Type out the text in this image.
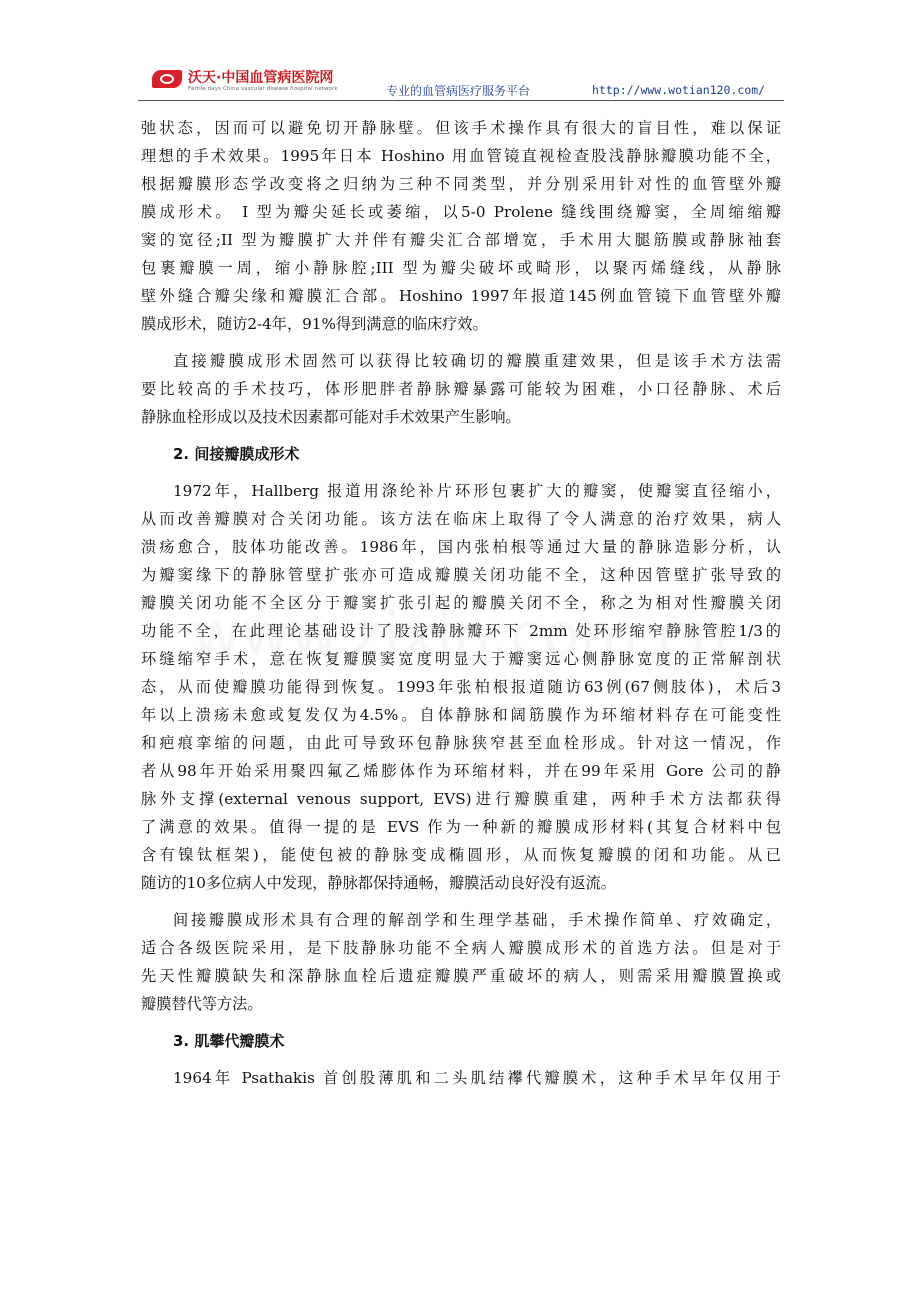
沃天·中国血管病医院网
Fertile days China vascular disease hospital network	专业的血管病医疗服务平台	http://www.wotian120.com/
弛状态，因而可以避免切开静脉壁。但该手术操作具有很大的盲目性，难以保证
理想的手术效果。1995年日本 Hoshino 用血管镜直视检查股浅静脉瓣膜功能不全，
根据瓣膜形态学改变将之归纳为三种不同类型，并分别采用针对性的血管壁外瓣
膜成形术。 I 型为瓣尖延长或萎缩，以5-0 Prolene 缝线围绕瓣窦，全周缩缩瓣
窦的宽径;II 型为瓣膜扩大并伴有瓣尖汇合部增宽，手术用大腿筋膜或静脉袖套
包裹瓣膜一周，缩小静脉腔;III 型为瓣尖破坏或畸形，以聚丙烯缝线，从静脉
壁外缝合瓣尖缘和瓣膜汇合部。Hoshino 1997年报道145例血管镜下血管壁外瓣
膜成形术，随访2-4年，91%得到满意的临床疗效。
直接瓣膜成形术固然可以获得比较确切的瓣膜重建效果，但是该手术方法需
要比较高的手术技巧，体形肥胖者静脉瓣暴露可能较为困难，小口径静脉、术后
静脉血栓形成以及技术因素都可能对手术效果产生影响。
2. 间接瓣膜成形术
1972年，Hallberg 报道用涤纶补片环形包裹扩大的瓣窦，使瓣窦直径缩小，
从而改善瓣膜对合关闭功能。该方法在临床上取得了令人满意的治疗效果，病人
溃疡愈合，肢体功能改善。1986年，国内张柏根等通过大量的静脉造影分析，认
为瓣窦缘下的静脉管壁扩张亦可造成瓣膜关闭功能不全，这种因管壁扩张导致的
瓣膜关闭功能不全区分于瓣窦扩张引起的瓣膜关闭不全，称之为相对性瓣膜关闭
功能不全，在此理论基础设计了股浅静脉瓣环下 2mm 处环形缩窄静脉管腔1/3的
环缝缩窄手术，意在恢复瓣膜窦宽度明显大于瓣窦远心侧静脉宽度的正常解剖状
态，从而使瓣膜功能得到恢复。1993年张柏根报道随访63例(67侧肢体)，术后3
年以上溃疡未愈或复发仅为4.5%。自体静脉和阔筋膜作为环缩材料存在可能变性
和疤痕挛缩的问题，由此可导致环包静脉狭窄甚至血栓形成。针对这一情况，作
者从98年开始采用聚四氟乙烯膨体作为环缩材料，并在99年采用 Gore 公司的静
脉外支撑(external venous support, EVS)进行瓣膜重建，两种手术方法都获得
了满意的效果。值得一提的是 EVS 作为一种新的瓣膜成形材料(其复合材料中包
含有镍钛框架)，能使包被的静脉变成椭圆形，从而恢复瓣膜的闭和功能。从已
随访的10多位病人中发现，静脉都保持通畅，瓣膜活动良好没有返流。
间接瓣膜成形术具有合理的解剖学和生理学基础，手术操作简单、疗效确定，
适合各级医院采用，是下肢静脉功能不全病人瓣膜成形术的首选方法。但是对于
先天性瓣膜缺失和深静脉血栓后遗症瓣膜严重破坏的病人，则需采用瓣膜置换或
瓣膜替代等方法。
3. 肌攀代瓣膜术
1964年 Psathakis 首创股薄肌和二头肌结襻代瓣膜术，这种手术早年仅用于
